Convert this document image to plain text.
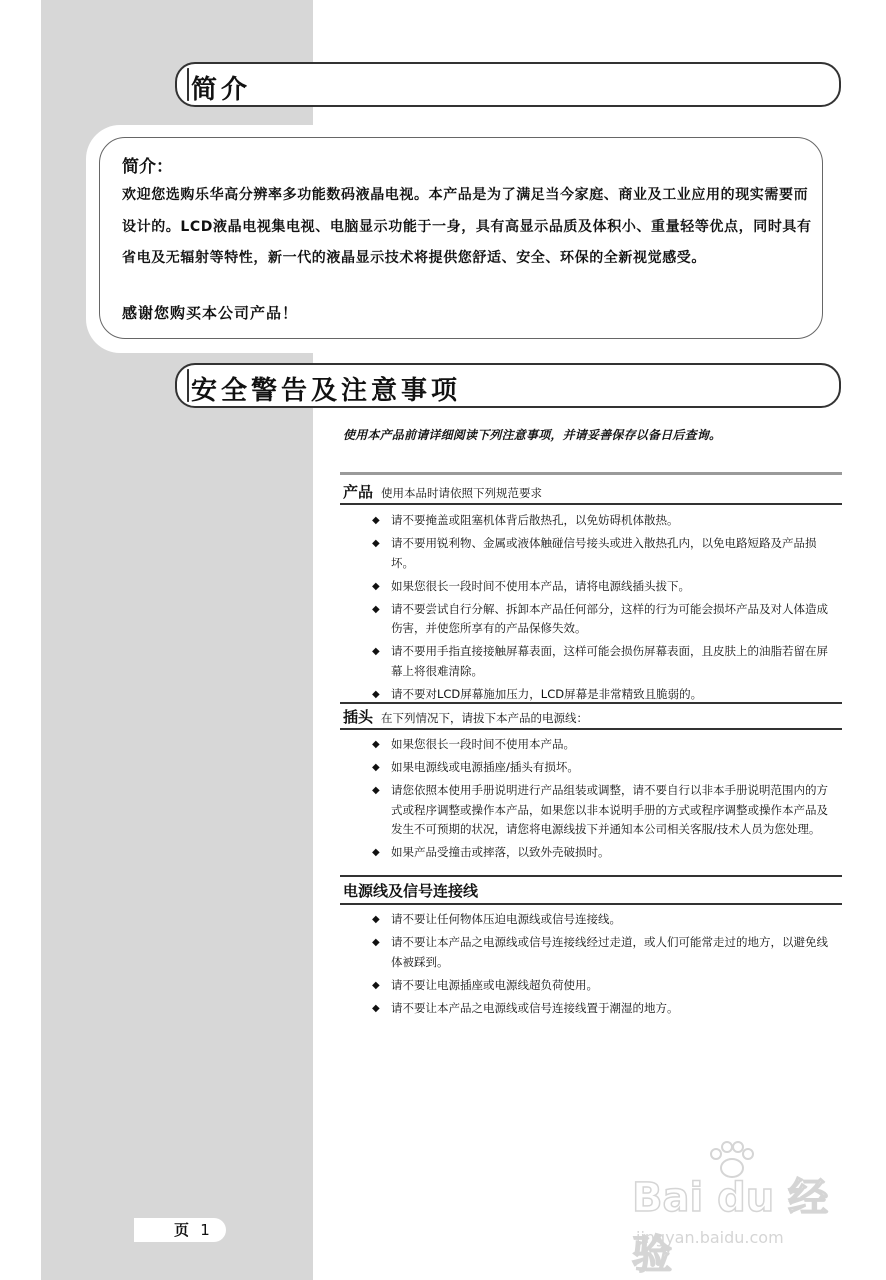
简介
简介：
欢迎您选购乐华高分辨率多功能数码液晶电视。本产品是为了满足当今家庭、商业及工业应用的现实需要而设计的。LCD液晶电视集电视、电脑显示功能于一身，具有高显示品质及体积小、重量轻等优点，同时具有省电及无辐射等特性，新一代的液晶显示技术将提供您舒适、安全、环保的全新视觉感受。
感谢您购买本公司产品！
安全警告及注意事项
使用本产品前请详细阅读下列注意事项，并请妥善保存以备日后查询。
产品 使用本品时请依照下列规范要求
◆ 请不要掩盖或阻塞机体背后散热孔，以免妨碍机体散热。
◆ 请不要用锐利物、金属或液体触碰信号接头或进入散热孔内，以免电路短路及产品损坏。
◆ 如果您很长一段时间不使用本产品，请将电源线插头拔下。
◆ 请不要尝试自行分解、拆卸本产品任何部分，这样的行为可能会损坏产品及对人体造成伤害，并使您所享有的产品保修失效。
◆ 请不要用手指直接接触屏幕表面，这样可能会损伤屏幕表面，且皮肤上的油脂若留在屏幕上将很难清除。
◆ 请不要对LCD屏幕施加压力，LCD屏幕是非常精致且脆弱的。
插头 在下列情况下，请拔下本产品的电源线：
◆ 如果您很长一段时间不使用本产品。
◆ 如果电源线或电源插座/插头有损坏。
◆ 请您依照本使用手册说明进行产品组装或调整，请不要自行以非本手册说明范围内的方式或程序调整或操作本产品，如果您以非本说明手册的方式或程序调整或操作本产品及发生不可预期的状况，请您将电源线拔下并通知本公司相关客服/技术人员为您处理。
◆ 如果产品受撞击或摔落，以致外壳破损时。
电源线及信号连接线
◆ 请不要让任何物体压迫电源线或信号连接线。
◆ 请不要让本产品之电源线或信号连接线经过走道，或人们可能常走过的地方，以避免线体被踩到。
◆ 请不要让电源插座或电源线超负荷使用。
◆ 请不要让本产品之电源线或信号连接线置于潮湿的地方。
Bai du 经验
jingyan.baidu.com
页 1
